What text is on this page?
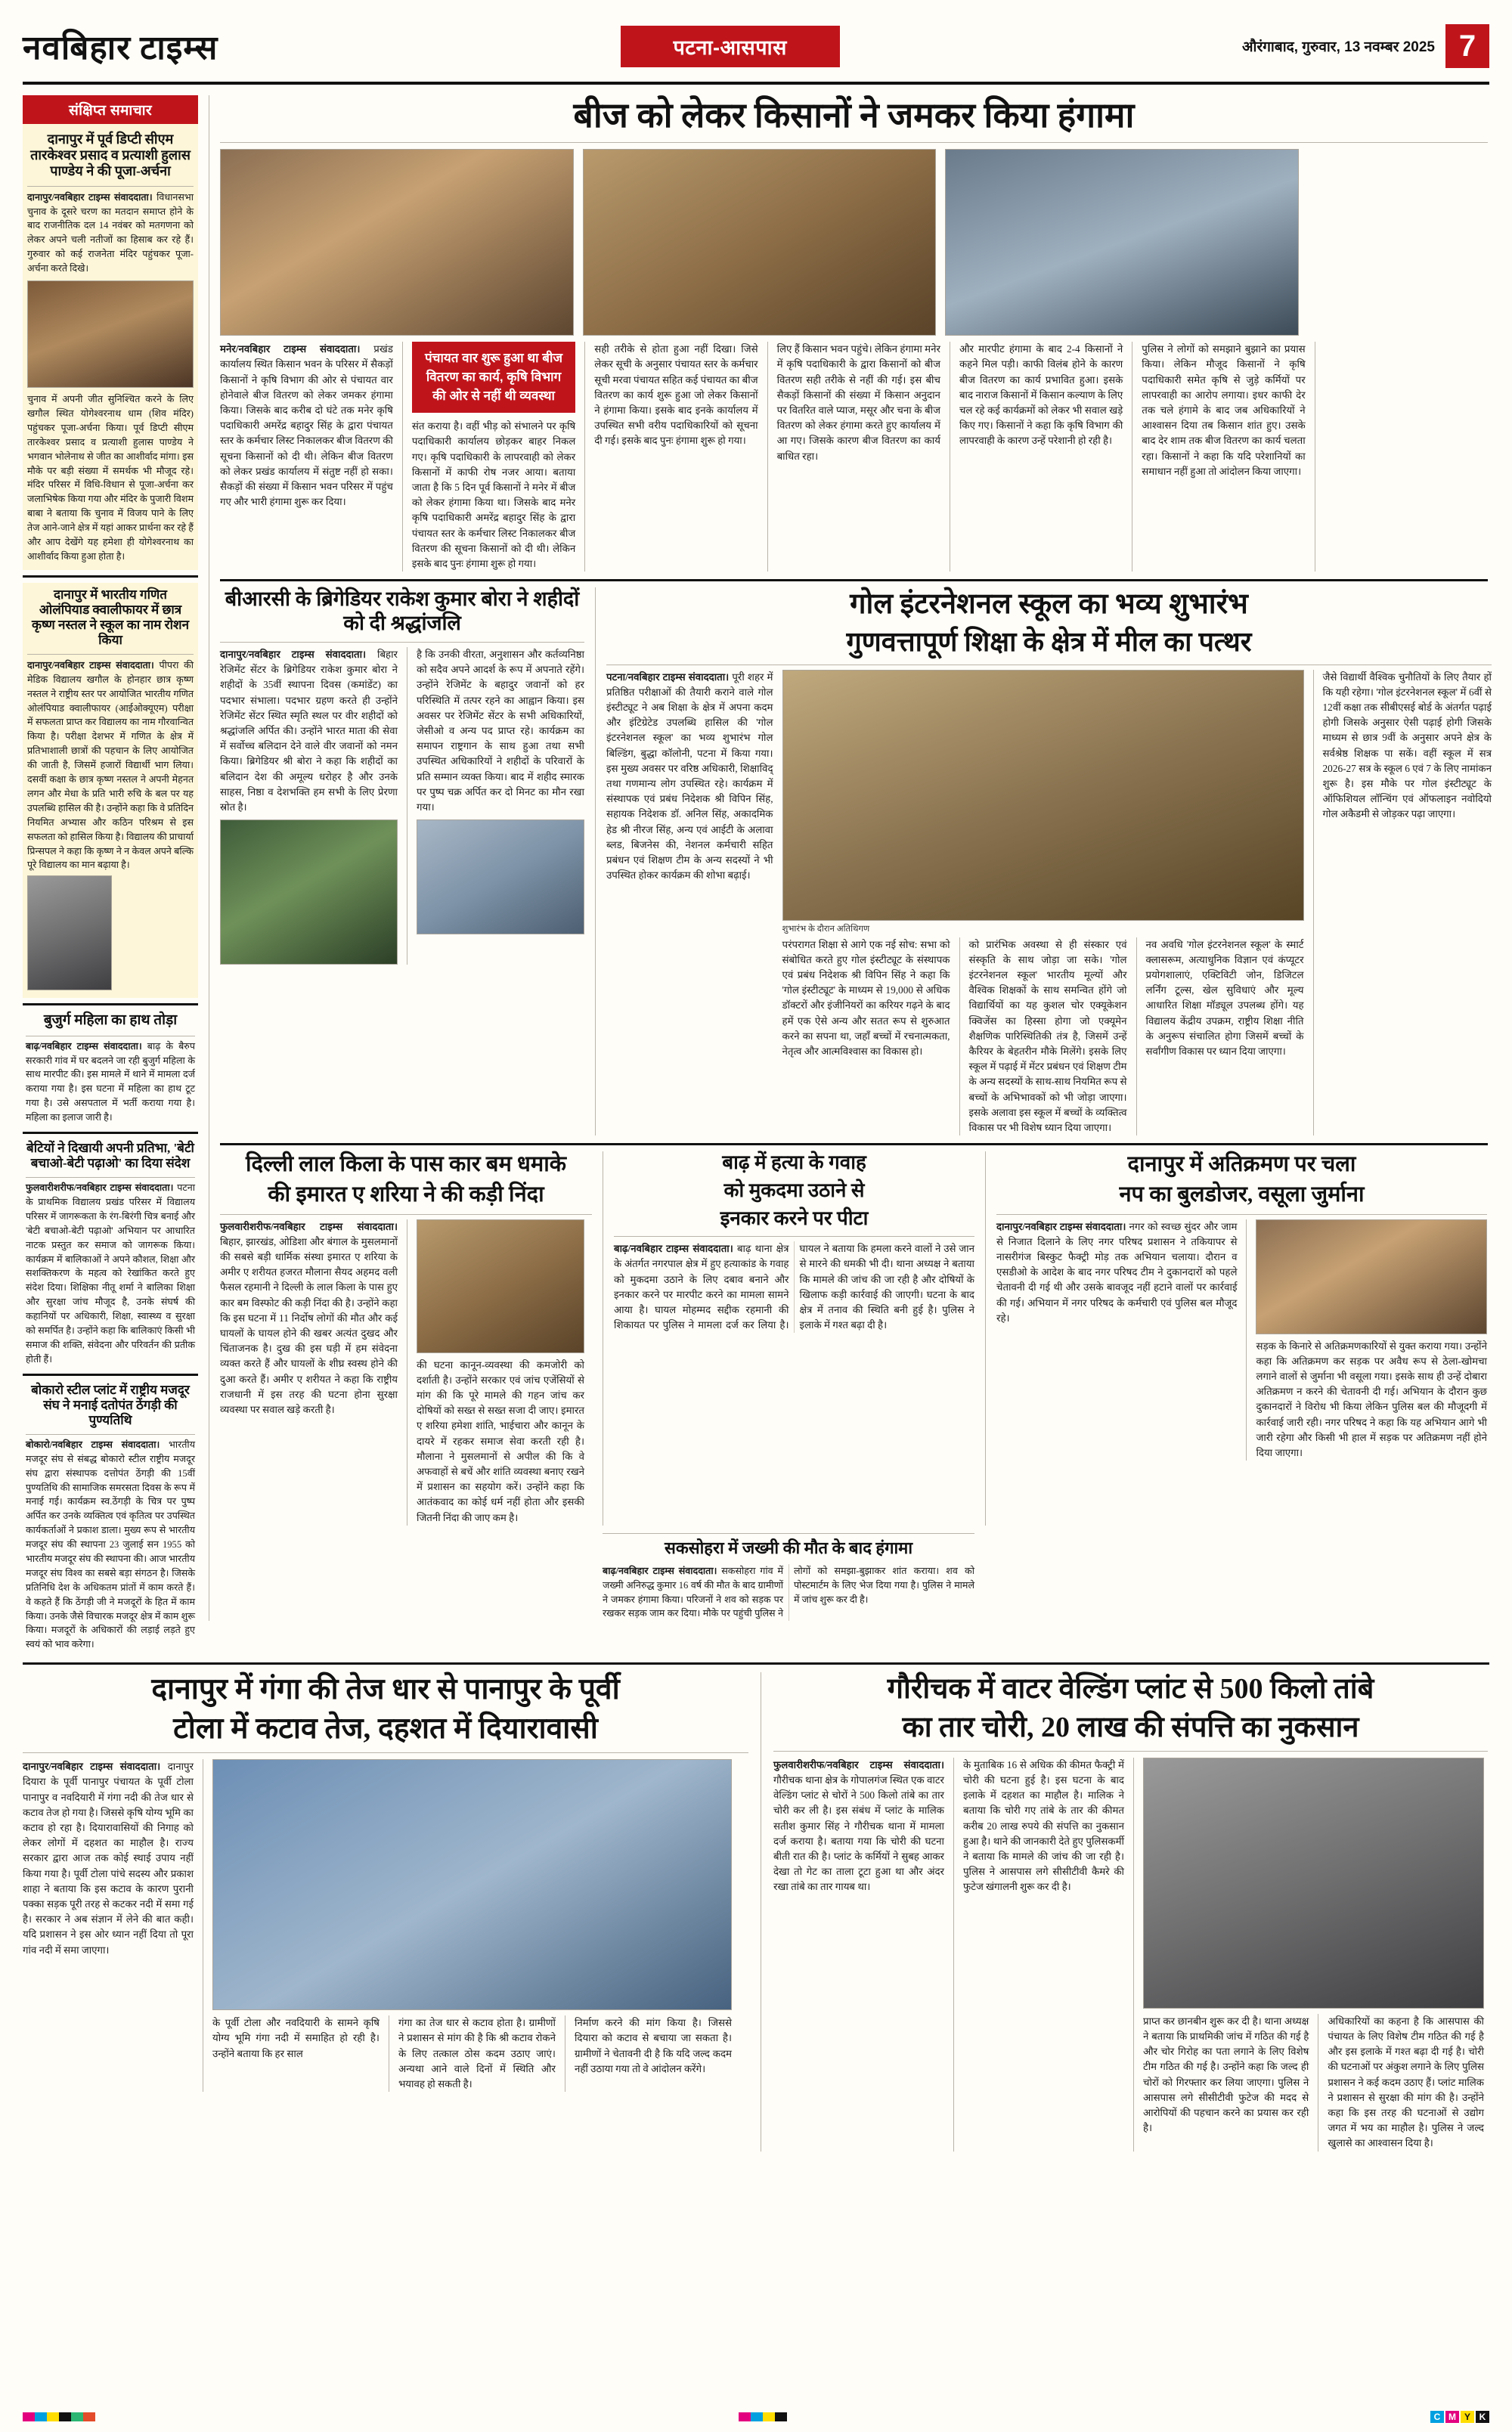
नवबिहार टाइम्स	पटना-आसपास	औरंगाबाद, गुरुवार, 13 नवम्बर 2025 7
संक्षिप्त समाचार
दानापुर में पूर्व डिप्टी सीएम तारकेश्वर प्रसाद व प्रत्याशी हुलास पाण्डेय ने की पूजा-अर्चना

दानापुर/नवबिहार टाइम्स संवाददाता। विधानसभा चुनाव के दूसरे चरण का मतदान समाप्त होने के बाद राजनीतिक दल 14 नवंबर को मतगणना को लेकर अपने चली नतीजों का हिसाब कर रहे हैं। गुरुवार को कई राजनेता मंदिर पहुंचकर पूजा-अर्चना करते दिखे।

चुनाव में अपनी जीत सुनिश्चित करने के लिए खगौल स्थित योगेश्वरनाथ धाम (शिव मंदिर) पहुंचकर पूजा-अर्चना किया। पूर्व डिप्टी सीएम तारकेश्वर प्रसाद व प्रत्याशी हुलास पाण्डेय ने भगवान भोलेनाथ से जीत का आशीर्वाद मांगा। इस मौके पर बड़ी संख्या में समर्थक भी मौजूद रहे। मंदिर परिसर में विधि-विधान से पूजा-अर्चना कर जलाभिषेक किया गया और मंदिर के पुजारी विशम बाबा ने बताया कि चुनाव में विजय पाने के लिए तेज आने-जाने क्षेत्र में यहां आकर प्रार्थना कर रहे हैं और आप देखेंगे यह हमेशा ही योगेश्वरनाथ का आशीर्वाद किया हुआ होता है।

दानापुर में भारतीय गणित ओलंपियाड क्वालीफायर में छात्र कृष्ण नस्तल ने स्कूल का नाम रोशन किया

दानापुर/नवबिहार टाइम्स संवाददाता। पीपरा की मेडिक विद्यालय खगौल के होनहार छात्र कृष्ण नस्तल ने राष्ट्रीय स्तर पर आयोजित भारतीय गणित ओलंपियाड क्वालीफायर (आईओक्यूएम) परीक्षा में सफलता प्राप्त कर विद्यालय का नाम गौरवान्वित किया है। परीक्षा देशभर में गणित के क्षेत्र में प्रतिभाशाली छात्रों की पहचान के लिए आयोजित की जाती है, जिसमें हजारों विद्यार्थी भाग लिया। दसवीं कक्षा के छात्र कृष्ण नस्तल ने अपनी मेहनत लगन और मेधा के प्रति भारी रुचि के बल पर यह उपलब्धि हासिल की है। उन्होंने कहा कि वे प्रतिदिन नियमित अभ्यास और कठिन परिश्रम से इस सफलता को हासिल किया है। विद्यालय की प्राचार्या प्रिन्सपल ने कहा कि कृष्ण ने न केवल अपने बल्कि पूरे विद्यालय का मान बढ़ाया है।

बुजुर्ग महिला का हाथ तोड़ा

बाढ़/नवबिहार टाइम्स संवाददाता। बाढ़ के बैरुप सरकारी गांव में घर बदलने जा रही बुजुर्ग महिला के साथ मारपीट की। इस मामले में थाने में मामला दर्ज कराया गया है। इस घटना में महिला का हाथ टूट गया है। उसे असपताल में भर्ती कराया गया है। महिला का इलाज जारी है।

बेटियों ने दिखायी अपनी प्रतिभा, 'बेटी बचाओ-बेटी पढ़ाओ' का दिया संदेश

फुलवारीशरीफ/नवबिहार टाइम्स संवाददाता। पटना के प्राथमिक विद्यालय प्रखंड परिसर में विद्यालय परिसर में जागरूकता के रंग-बिरंगी चित्र बनाई और 'बेटी बचाओ-बेटी पढ़ाओ' अभियान पर आधारित नाटक प्रस्तुत कर समाज को जागरूक किया। कार्यक्रम में बालिकाओं ने अपने कौशल, शिक्षा और सशक्तिकरण के महत्व को रेखांकित करते हुए संदेश दिया। शिक्षिका नीतू शर्मा ने बालिका शिक्षा और सुरक्षा जांच मौजूद है, उनके संघर्ष की कहानियों पर अधिकारी, शिक्षा, स्वास्थ्य व सुरक्षा को समर्पित है। उन्होंने कहा कि बालिकाएं किसी भी समाज की शक्ति, संवेदना और परिवर्तन की प्रतीक होती हैं।

बोकारो स्टील प्लांट में राष्ट्रीय मजदूर संघ ने मनाई दतोपंत ठेंगड़ी की पुण्यतिथि

बोकारो/नवबिहार टाइम्स संवाददाता। भारतीय मजदूर संघ से संबद्ध बोकारो स्टील राष्ट्रीय मजदूर संघ द्वारा संस्थापक दत्तोपंत ठेंगड़ी की 15वीं पुण्यतिथि की सामाजिक समरसता दिवस के रूप में मनाई गई। कार्यक्रम स्व.ठेंगड़ी के चित्र पर पुष्प अर्पित कर उनके व्यक्तित्व एवं कृतित्व पर उपस्थित कार्यकर्ताओं ने प्रकाश डाला। मुख्य रूप से भारतीय मजदूर संघ की स्थापना 23 जुलाई सन 1955 को भारतीय मजदूर संघ की स्थापना की। आज भारतीय मजदूर संघ विश्व का सबसे बड़ा संगठन है। जिसके प्रतिनिधि देश के अधिकतम प्रांतों में काम करते हैं। वे कहते हैं कि ठेंगड़ी जी ने मजदूरों के हित में काम किया। उनके जैसे विचारक मजदूर क्षेत्र में काम शुरू किया। मजदूरों के अधिकारों की लड़ाई लड़ते हुए स्वयं को भाव करेगा।

बीज को लेकर किसानों ने जमकर किया हंगामा

मनेर/नवबिहार टाइम्स संवाददाता। प्रखंड कार्यालय स्थित किसान भवन के परिसर में सैकड़ों किसानों ने कृषि विभाग की ओर से पंचायत वार होनेवाले बीज वितरण को लेकर जमकर हंगामा किया। जिसके बाद करीब दो घंटे तक मनेर कृषि पदाधिकारी अमरेंद्र बहादुर सिंह के द्वारा पंचायत स्तर के कर्मचार लिस्ट निकालकर बीज वितरण की सूचना किसानों को दी थी। लेकिन बीज वितरण को लेकर प्रखंड कार्यालय में संतुष्ट नहीं हो सका। सैकड़ों की संख्या में किसान भवन परिसर में पहुंच गए और भारी हंगामा शुरू कर दिया।

पंचायत वार शुरू हुआ था बीज वितरण का कार्य, कृषि विभाग की ओर से नहीं थी व्यवस्था

संत कराया है। वहीं भीड़ को संभालने पर कृषि पदाधिकारी कार्यालय छोड़कर बाहर निकल गए। कृषि पदाधिकारी के लापरवाही को लेकर किसानों में काफी रोष नजर आया। बताया जाता है कि 5 दिन पूर्व किसानों ने मनेर में बीज को लेकर हंगामा किया था। जिसके बाद मनेर कृषि पदाधिकारी अमरेंद्र बहादुर सिंह के द्वारा पंचायत स्तर के कर्मचार लिस्ट निकालकर बीज वितरण की सूचना किसानों को दी थी। लेकिन इसके बाद पुनः हंगामा शुरू हो गया।

सही तरीके से होता हुआ नहीं दिखा। जिसे लेकर सूची के अनुसार पंचायत स्तर के कर्मचार सूची मरवा पंचायत सहित कई पंचायत का बीज वितरण का कार्य शुरू हुआ जो लेकर किसानों ने हंगामा किया। इसके बाद इनके कार्यालय में उपस्थित सभी वरीय पदाधिकारियों को सूचना दी गई। इसके बाद पुनः हंगामा शुरू हो गया।

लिए हैं किसान भवन पहुंचे। लेकिन हंगामा मनेर में कृषि पदाधिकारी के द्वारा किसानों को बीज वितरण सही तरीके से नहीं की गई। इस बीच सैकड़ों किसानों की संख्या में किसान अनुदान पर वितरित वाले प्याज, मसूर और चना के बीज वितरण को लेकर हंगामा करते हुए कार्यालय में आ गए। जिसके कारण बीज वितरण का कार्य बाधित रहा।

और मारपीट हंगामा के बाद 2-4 किसानों ने कहने मिल पड़ी। काफी विलंब होने के कारण बीज वितरण का कार्य प्रभावित हुआ। इसके बाद नाराज किसानों में किसान कल्याण के लिए चल रहे कई कार्यक्रमों को लेकर भी सवाल खड़े किए गए। किसानों ने कहा कि कृषि विभाग की लापरवाही के कारण उन्हें परेशानी हो रही है।

पुलिस ने लोगों को समझाने बुझाने का प्रयास किया। लेकिन मौजूद किसानों ने कृषि पदाधिकारी समेत कृषि से जुड़े कर्मियों पर लापरवाही का आरोप लगाया। इधर काफी देर तक चले हंगामे के बाद जब अधिकारियों ने आश्वासन दिया तब किसान शांत हुए। उसके बाद देर शाम तक बीज वितरण का कार्य चलता रहा। किसानों ने कहा कि यदि परेशानियों का समाधान नहीं हुआ तो आंदोलन किया जाएगा।

बीआरसी के ब्रिगेडियर राकेश कुमार बोरा ने शहीदों को दी श्रद्धांजलि

दानापुर/नवबिहार टाइम्स संवाददाता। बिहार रेजिमेंट सेंटर के ब्रिगेडियर राकेश कुमार बोरा ने शहीदों के 35वीं स्थापना दिवस (कमांडेंट) का पदभार संभाला। पदभार ग्रहण करते ही उन्होंने रेजिमेंट सेंटर स्थित स्मृति स्थल पर वीर शहीदों को श्रद्धांजलि अर्पित की। उन्होंने भारत माता की सेवा में सर्वोच्च बलिदान देने वाले वीर जवानों को नमन किया। ब्रिगेडियर श्री बोरा ने कहा कि शहीदों का बलिदान देश की अमूल्य धरोहर है और उनके साहस, निष्ठा व देशभक्ति हम सभी के लिए प्रेरणा स्रोत है।

है कि उनकी वीरता, अनुशासन और कर्तव्यनिष्ठा को सदैव अपने आदर्श के रूप में अपनाते रहेंगे। उन्होंने रेजिमेंट के बहादुर जवानों को हर परिस्थिति में तत्पर रहने का आह्वान किया। इस अवसर पर रेजिमेंट सेंटर के सभी अधिकारियों, जेसीओ व अन्य पद प्राप्त रहे। कार्यक्रम का समापन राष्ट्रगान के साथ हुआ तथा सभी उपस्थित अधिकारियों ने शहीदों के परिवारों के प्रति सम्मान व्यक्त किया। बाद में शहीद स्मारक पर पुष्प चक्र अर्पित कर दो मिनट का मौन रखा गया।

गोल इंटरनेशनल स्कूल का भव्य शुभारंभ
गुणवत्तापूर्ण शिक्षा के क्षेत्र में मील का पत्थर

पटना/नवबिहार टाइम्स संवाददाता। पूरी शहर में प्रतिष्ठित परीक्षाओं की तैयारी कराने वाले गोल इंस्टीट्यूट ने अब शिक्षा के क्षेत्र में अपना कदम और इंटिग्रेटेड उपलब्धि हासिल की 'गोल इंटरनेशनल स्कूल' का भव्य शुभारंभ गोल बिल्डिंग, बुद्धा कॉलोनी, पटना में किया गया। इस मुख्य अवसर पर वरिष्ठ अधिकारी, शिक्षाविद् तथा गणमान्य लोग उपस्थित रहे। कार्यक्रम में संस्थापक एवं प्रबंध निदेशक श्री विपिन सिंह, सहायक निदेशक डॉ. अनिल सिंह, अकादमिक हेड श्री नीरज सिंह, अन्य एवं आईटी के अलावा ब्लड, बिजनेस की, नेशनल कर्मचारी सहित प्रबंधन एवं शिक्षण टीम के अन्य सदस्यों ने भी उपस्थित होकर कार्यक्रम की शोभा बढ़ाई।

शुभारंभ के दौरान अतिथिगण

परंपरागत शिक्षा से आगे एक नई सोच: सभा को संबोधित करते हुए गोल इंस्टीट्यूट के संस्थापक एवं प्रबंध निदेशक श्री विपिन सिंह ने कहा कि 'गोल इंस्टीट्यूट' के माध्यम से 19,000 से अधिक डॉक्टरों और इंजीनियरों का करियर गढ़ने के बाद हमें एक ऐसे अन्य और सतत रूप से शुरुआत करने का सपना था, जहाँ बच्चों में रचनात्मकता, नेतृत्व और आत्मविश्वास का विकास हो।

को प्रारंभिक अवस्था से ही संस्कार एवं संस्कृति के साथ जोड़ा जा सके। 'गोल इंटरनेशनल स्कूल' भारतीय मूल्यों और वैश्विक शिक्षकों के साथ समन्वित होंगे जो विद्यार्थियों का यह कुशल चोर एक्यूकेशन क्विजेंस का हिस्सा होगा जो एक्यूमेन शैक्षणिक पारिस्थितिकी तंत्र है, जिसमें उन्हें कैरियर के बेहतरीन मौके मिलेंगे। इसके लिए स्कूल में पढ़ाई में मेंटर प्रबंधन एवं शिक्षण टीम के अन्य सदस्यों के साथ-साथ नियमित रूप से बच्चों के अभिभावकों को भी जोड़ा जाएगा। इसके अलावा इस स्कूल में बच्चों के व्यक्तित्व विकास पर भी विशेष ध्यान दिया जाएगा।

नव अवधि 'गोल इंटरनेशनल स्कूल' के स्मार्ट क्लासरूम, अत्याधुनिक विज्ञान एवं कंप्यूटर प्रयोगशालाएं, एक्टिविटी जोन, डिजिटल लर्निंग टूल्स, खेल सुविधाएं और मूल्य आधारित शिक्षा मॉड्यूल उपलब्ध होंगे। यह विद्यालय केंद्रीय उपक्रम, राष्ट्रीय शिक्षा नीति के अनुरूप संचालित होगा जिसमें बच्चों के सर्वांगीण विकास पर ध्यान दिया जाएगा।

जैसे विद्यार्थी वैश्विक चुनौतियों के लिए तैयार हों कि यही रहेगा। 'गोल इंटरनेशनल स्कूल' में 6वीं से 12वीं कक्षा तक सीबीएसई बोर्ड के अंतर्गत पढ़ाई होगी जिसके अनुसार ऐसी पढ़ाई होगी जिसके माध्यम से छात्र 9वीं के अनुसार अपने क्षेत्र के सर्वश्रेष्ठ शिक्षक पा सकें। वहीं स्कूल में सत्र 2026-27 सत्र के स्कूल 6 एवं 7 के लिए नामांकन शुरू है। इस मौके पर गोल इंस्टीट्यूट के ऑफिशियल लॉन्चिंग एवं ऑफलाइन नवोदियो गोल अकैडमी से जोड़कर पढ़ा जाएगा।

दिल्ली लाल किला के पास कार बम धमाके
की इमारत ए शरिया ने की कड़ी निंदा

फुलवारीशरीफ/नवबिहार टाइम्स संवाददाता। बिहार, झारखंड, ओडिशा और बंगाल के मुसलमानों की सबसे बड़ी धार्मिक संस्था इमारत ए शरिया के अमीर ए शरीयत हजरत मौलाना सैयद अहमद वली फैसल रहमानी ने दिल्ली के लाल किला के पास हुए कार बम विस्फोट की कड़ी निंदा की है। उन्होंने कहा कि इस घटना में 11 निर्दोष लोगों की मौत और कई घायलों के घायल होने की खबर अत्यंत दुखद और चिंताजनक है। दुख की इस घड़ी में हम संवेदना व्यक्त करते हैं और घायलों के शीघ्र स्वस्थ होने की दुआ करते हैं। अमीर ए शरीयत ने कहा कि राष्ट्रीय राजधानी में इस तरह की घटना होना सुरक्षा व्यवस्था पर सवाल खड़े करती है।

की घटना कानून-व्यवस्था की कमजोरी को दर्शाती है। उन्होंने सरकार एवं जांच एजेंसियों से मांग की कि पूरे मामले की गहन जांच कर दोषियों को सख्त से सख्त सजा दी जाए। इमारत ए शरिया हमेशा शांति, भाईचारा और कानून के दायरे में रहकर समाज सेवा करती रही है। मौलाना ने मुसलमानों से अपील की कि वे अफवाहों से बचें और शांति व्यवस्था बनाए रखने में प्रशासन का सहयोग करें। उन्होंने कहा कि आतंकवाद का कोई धर्म नहीं होता और इसकी जितनी निंदा की जाए कम है।

बाढ़ में हत्या के गवाह
को मुकदमा उठाने से
इनकार करने पर पीटा

बाढ़/नवबिहार टाइम्स संवाददाता। बाढ़ थाना क्षेत्र के अंतर्गत नगरपाल क्षेत्र में हुए हत्याकांड के गवाह को मुकदमा उठाने के लिए दबाव बनाने और इनकार करने पर मारपीट करने का मामला सामने आया है। घायल मोहम्मद सद्दीक रहमानी की शिकायत पर पुलिस ने मामला दर्ज कर लिया है। घायल ने बताया कि हमला करने वालों ने उसे जान से मारने की धमकी भी दी। थाना अध्यक्ष ने बताया कि मामले की जांच की जा रही है और दोषियों के खिलाफ कड़ी कार्रवाई की जाएगी। घटना के बाद क्षेत्र में तनाव की स्थिति बनी हुई है। पुलिस ने इलाके में गश्त बढ़ा दी है।

दानापुर में अतिक्रमण पर चला
नप का बुलडोजर, वसूला जुर्माना

दानापुर/नवबिहार टाइम्स संवाददाता। नगर को स्वच्छ सुंदर और जाम से निजात दिलाने के लिए नगर परिषद प्रशासन ने तकियापर से नासरीगंज बिस्कुट फैक्ट्री मोड़ तक अभियान चलाया। दौरान व एसडीओ के आदेश के बाद नगर परिषद टीम ने दुकानदारों को पहले चेतावनी दी गई थी और उसके बावजूद नहीं हटाने वालों पर कार्रवाई की गई। अभियान में नगर परिषद के कर्मचारी एवं पुलिस बल मौजूद रहे।

सड़क के किनारे से अतिक्रमणकारियों से युक्त कराया गया। उन्होंने कहा कि अतिक्रमण कर सड़क पर अवैध रूप से ठेला-खोमचा लगाने वालों से जुर्माना भी वसूला गया। इसके साथ ही उन्हें दोबारा अतिक्रमण न करने की चेतावनी दी गई। अभियान के दौरान कुछ दुकानदारों ने विरोध भी किया लेकिन पुलिस बल की मौजूदगी में कार्रवाई जारी रही। नगर परिषद ने कहा कि यह अभियान आगे भी जारी रहेगा और किसी भी हाल में सड़क पर अतिक्रमण नहीं होने दिया जाएगा।

सकसोहरा में जख्मी की मौत के बाद हंगामा

बाढ़/नवबिहार टाइम्स संवाददाता। सकसोहरा गांव में जख्मी अनिरुद्ध कुमार 16 वर्ष की मौत के बाद ग्रामीणों ने जमकर हंगामा किया। परिजनों ने शव को सड़क पर रखकर सड़क जाम कर दिया। मौके पर पहुंची पुलिस ने लोगों को समझा-बुझाकर शांत कराया। शव को पोस्टमार्टम के लिए भेज दिया गया है। पुलिस ने मामले में जांच शुरू कर दी है।

दानापुर में गंगा की तेज धार से पानापुर के पूर्वी
टोला में कटाव तेज, दहशत में दियारावासी

दानापुर/नवबिहार टाइम्स संवाददाता। दानापुर दियारा के पूर्वी पानापुर पंचायत के पूर्वी टोला पानापुर व नवदियारी में गंगा नदी की तेज धार से कटाव तेज हो गया है। जिससे कृषि योग्य भूमि का कटाव हो रहा है। दियारावासियों की निगाह को लेकर लोगों में दहशत का माहौल है। राज्य सरकार द्वारा आज तक कोई स्थाई उपाय नहीं किया गया है। पूर्वी टोला पांचे सदस्य और प्रकाश शाहा ने बताया कि इस कटाव के कारण पुरानी पक्का सड़क पूरी तरह से कटकर नदी में समा गई है। सरकार ने अब संज्ञान में लेने की बात कही। यदि प्रशासन ने इस ओर ध्यान नहीं दिया तो पूरा गांव नदी में समा जाएगा।

के पूर्वी टोला और नवदियारी के सामने कृषि योग्य भूमि गंगा नदी में समाहित हो रही है। उन्होंने बताया कि हर साल

गंगा का तेज धार से कटाव होता है। ग्रामीणों ने प्रशासन से मांग की है कि श्री कटाव रोकने के लिए तत्काल ठोस कदम उठाए जाएं। अन्यथा आने वाले दिनों में स्थिति और भयावह हो सकती है।

निर्माण करने की मांग किया है। जिससे दियारा को कटाव से बचाया जा सकता है। ग्रामीणों ने चेतावनी दी है कि यदि जल्द कदम नहीं उठाया गया तो वे आंदोलन करेंगे।

गौरीचक में वाटर वेल्डिंग प्लांट से 500 किलो तांबे
का तार चोरी, 20 लाख की संपत्ति का नुकसान

फुलवारीशरीफ/नवबिहार टाइम्स संवाददाता। गौरीचक थाना क्षेत्र के गोपालगंज स्थित एक वाटर वेल्डिंग प्लांट से चोरों ने 500 किलो तांबे का तार चोरी कर ली है। इस संबंध में प्लांट के मालिक सतीश कुमार सिंह ने गौरीचक थाना में मामला दर्ज कराया है। बताया गया कि चोरी की घटना बीती रात की है। प्लांट के कर्मियों ने सुबह आकर देखा तो गेट का ताला टूटा हुआ था और अंदर रखा तांबे का तार गायब था।

के मुताबिक 16 से अधिक की कीमत फैक्ट्री में चोरी की घटना हुई है। इस घटना के बाद इलाके में दहशत का माहौल है। मालिक ने बताया कि चोरी गए तांबे के तार की कीमत करीब 20 लाख रुपये की संपत्ति का नुकसान हुआ है। थाने की जानकारी देते हुए पुलिसकर्मी ने बताया कि मामले की जांच की जा रही है। पुलिस ने आसपास लगे सीसीटीवी कैमरे की फुटेज खंगालनी शुरू कर दी है।

प्राप्त कर छानबीन शुरू कर दी है। थाना अध्यक्ष ने बताया कि प्राथमिकी जांच में गठित की गई है और चोर गिरोह का पता लगाने के लिए विशेष टीम गठित की गई है। उन्होंने कहा कि जल्द ही चोरों को गिरफ्तार कर लिया जाएगा। पुलिस ने आसपास लगे सीसीटीवी फुटेज की मदद से आरोपियों की पहचान करने का प्रयास कर रही है।

अधिकारियों का कहना है कि आसपास की पंचायत के लिए विशेष टीम गठित की गई है और इस इलाके में गश्त बढ़ा दी गई है। चोरी की घटनाओं पर अंकुश लगाने के लिए पुलिस प्रशासन ने कई कदम उठाए हैं। प्लांट मालिक ने प्रशासन से सुरक्षा की मांग की है। उन्होंने कहा कि इस तरह की घटनाओं से उद्योग जगत में भय का माहौल है। पुलिस ने जल्द खुलासे का आश्वासन दिया है।

C M Y K
